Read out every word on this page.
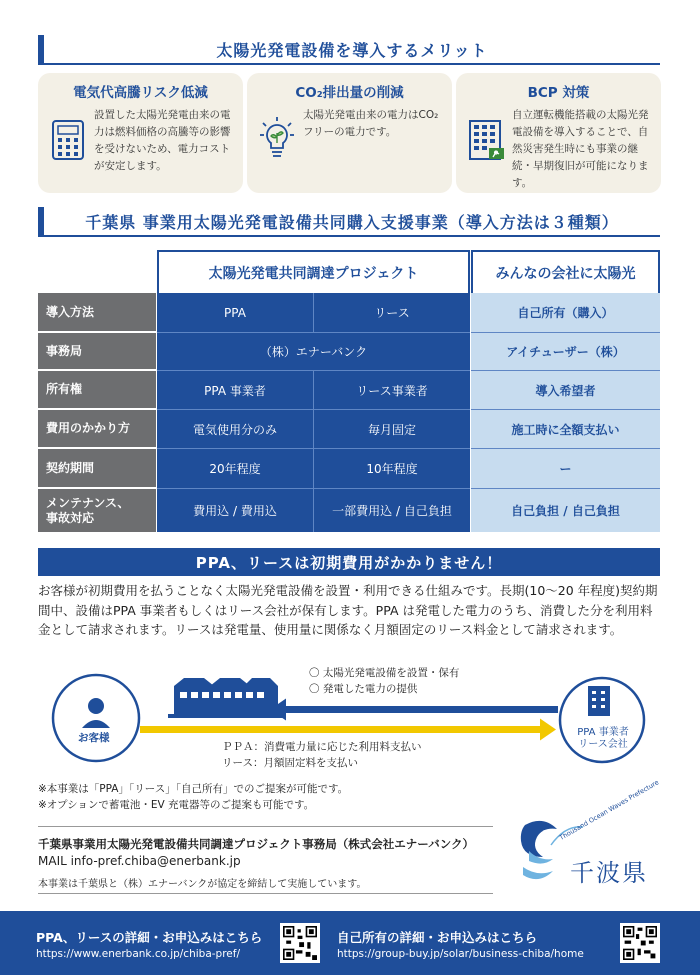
太陽光発電設備を導入するメリット
電気代高騰リスク低減

設置した太陽光発電由来の電力は燃料価格の高騰等の影響を受けないため、電力コストが安定します。

CO₂排出量の削減

太陽光発電由来の電力はCO₂フリーの電力です。

BCP 対策

自立運転機能搭載の太陽光発電設備を導入することで、自然災害発生時にも事業の継続・早期復旧が可能になります。

千葉県 事業用太陽光発電設備共同購入支援事業（導入方法は３種類）
太陽光発電共同調達プロジェクト	みんなの会社に太陽光
導入方法	PPA	リース	自己所有（購入）
事務局	（株）エナーバンク	アイチューザー（株）
所有権	PPA 事業者	リース事業者	導入希望者
費用のかかり方	電気使用分のみ	毎月固定	施工時に全額支払い
契約期間	20年程度	10年程度	ー
メンテナンス、
事故対応	費用込 / 費用込	一部費用込 / 自己負担	自己負担 / 自己負担
PPA、リースは初期費用がかかりません！
お客様が初期費用を払うことなく太陽光発電設備を設置・利用できる仕組みです。長期(10〜20 年程度)契約期間中、設備はPPA 事業者もしくはリース会社が保有します。PPA は発電した電力のうち、消費した分を利用料金として請求されます。リースは発電量、使用量に関係なく月額固定のリース料金として請求されます。
お客様	PPA 事業者
リース会社
〇 太陽光発電設備を設置・保有
〇 発電した電力の提供
ＰＰＡ：消費電力量に応じた利用料支払い
リース：月額固定料を支払い
※本事業は「PPA」「リース」「自己所有」でのご提案が可能です。
※オプションで蓄電池・EV 充電器等のご提案も可能です。
千葉県事業用太陽光発電設備共同調達プロジェクト事務局（株式会社エナーバンク）
MAIL info-pref.chiba@enerbank.jp
本事業は千葉県と（株）エナーバンクが協定を締結して実施しています。
Thousand Ocean Waves Prefecture
千波県
PPA、リースの詳細・お申込みはこちら
https://www.enerbank.co.jp/chiba-pref/
自己所有の詳細・お申込みはこちら
https://group-buy.jp/solar/business-chiba/home
